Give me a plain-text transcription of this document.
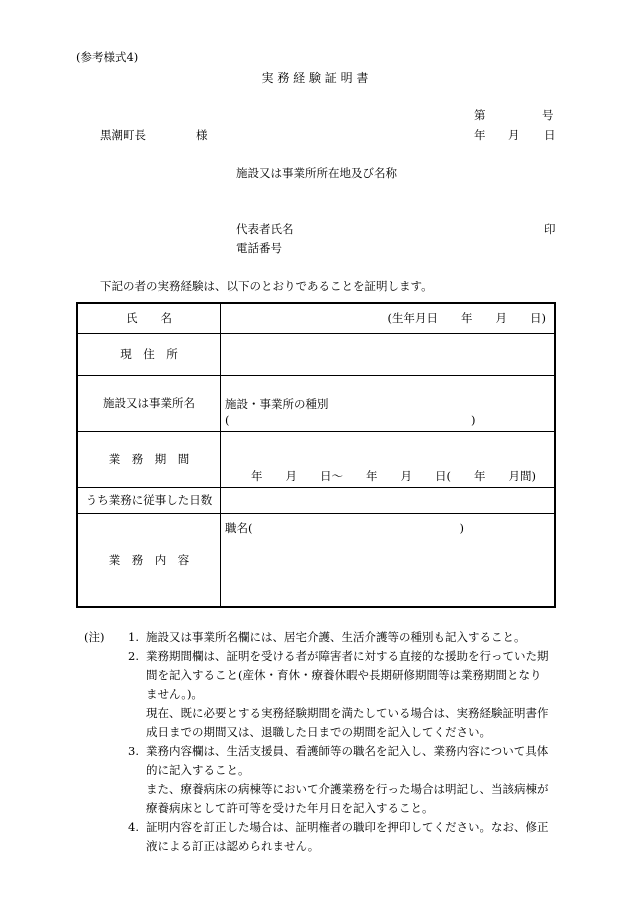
(参考様式4)
実 務 経 験 証 明 書
第	号
黒潮町長	様	年 月 日
施設又は事業所所在地及び名称
代表者氏名	印
電話番号
下記の者の実務経験は、以下のとおりであることを証明します。
氏　　名	(生年月日　　年　　月　　日)
現　住　所	
施設又は事業所名	施設・事業所の種別(　　　　　　　　　　　　　　　　　　　　　)
業　務　期　間	年　　月　　日～　　年　　月　　日(　　年　　月間)
うち業務に従事した日数	
業　務　内　容	職名(　　　　　　　　　　　　　　　　　　)
(注)	1. 施設又は事業所名欄には、居宅介護、生活介護等の種別も記入すること。
2. 業務期間欄は、証明を受ける者が障害者に対する直接的な援助を行っていた期
間を記入すること(産休・育休・療養休暇や長期研修期間等は業務期間となり
ません。)。
現在、既に必要とする実務経験期間を満たしている場合は、実務経験証明書作
成日までの期間又は、退職した日までの期間を記入してください。
3. 業務内容欄は、生活支援員、看護師等の職名を記入し、業務内容について具体
的に記入すること。
また、療養病床の病棟等において介護業務を行った場合は明記し、当該病棟が
療養病床として許可等を受けた年月日を記入すること。
4. 証明内容を訂正した場合は、証明権者の職印を押印してください。なお、修正
液による訂正は認められません。
